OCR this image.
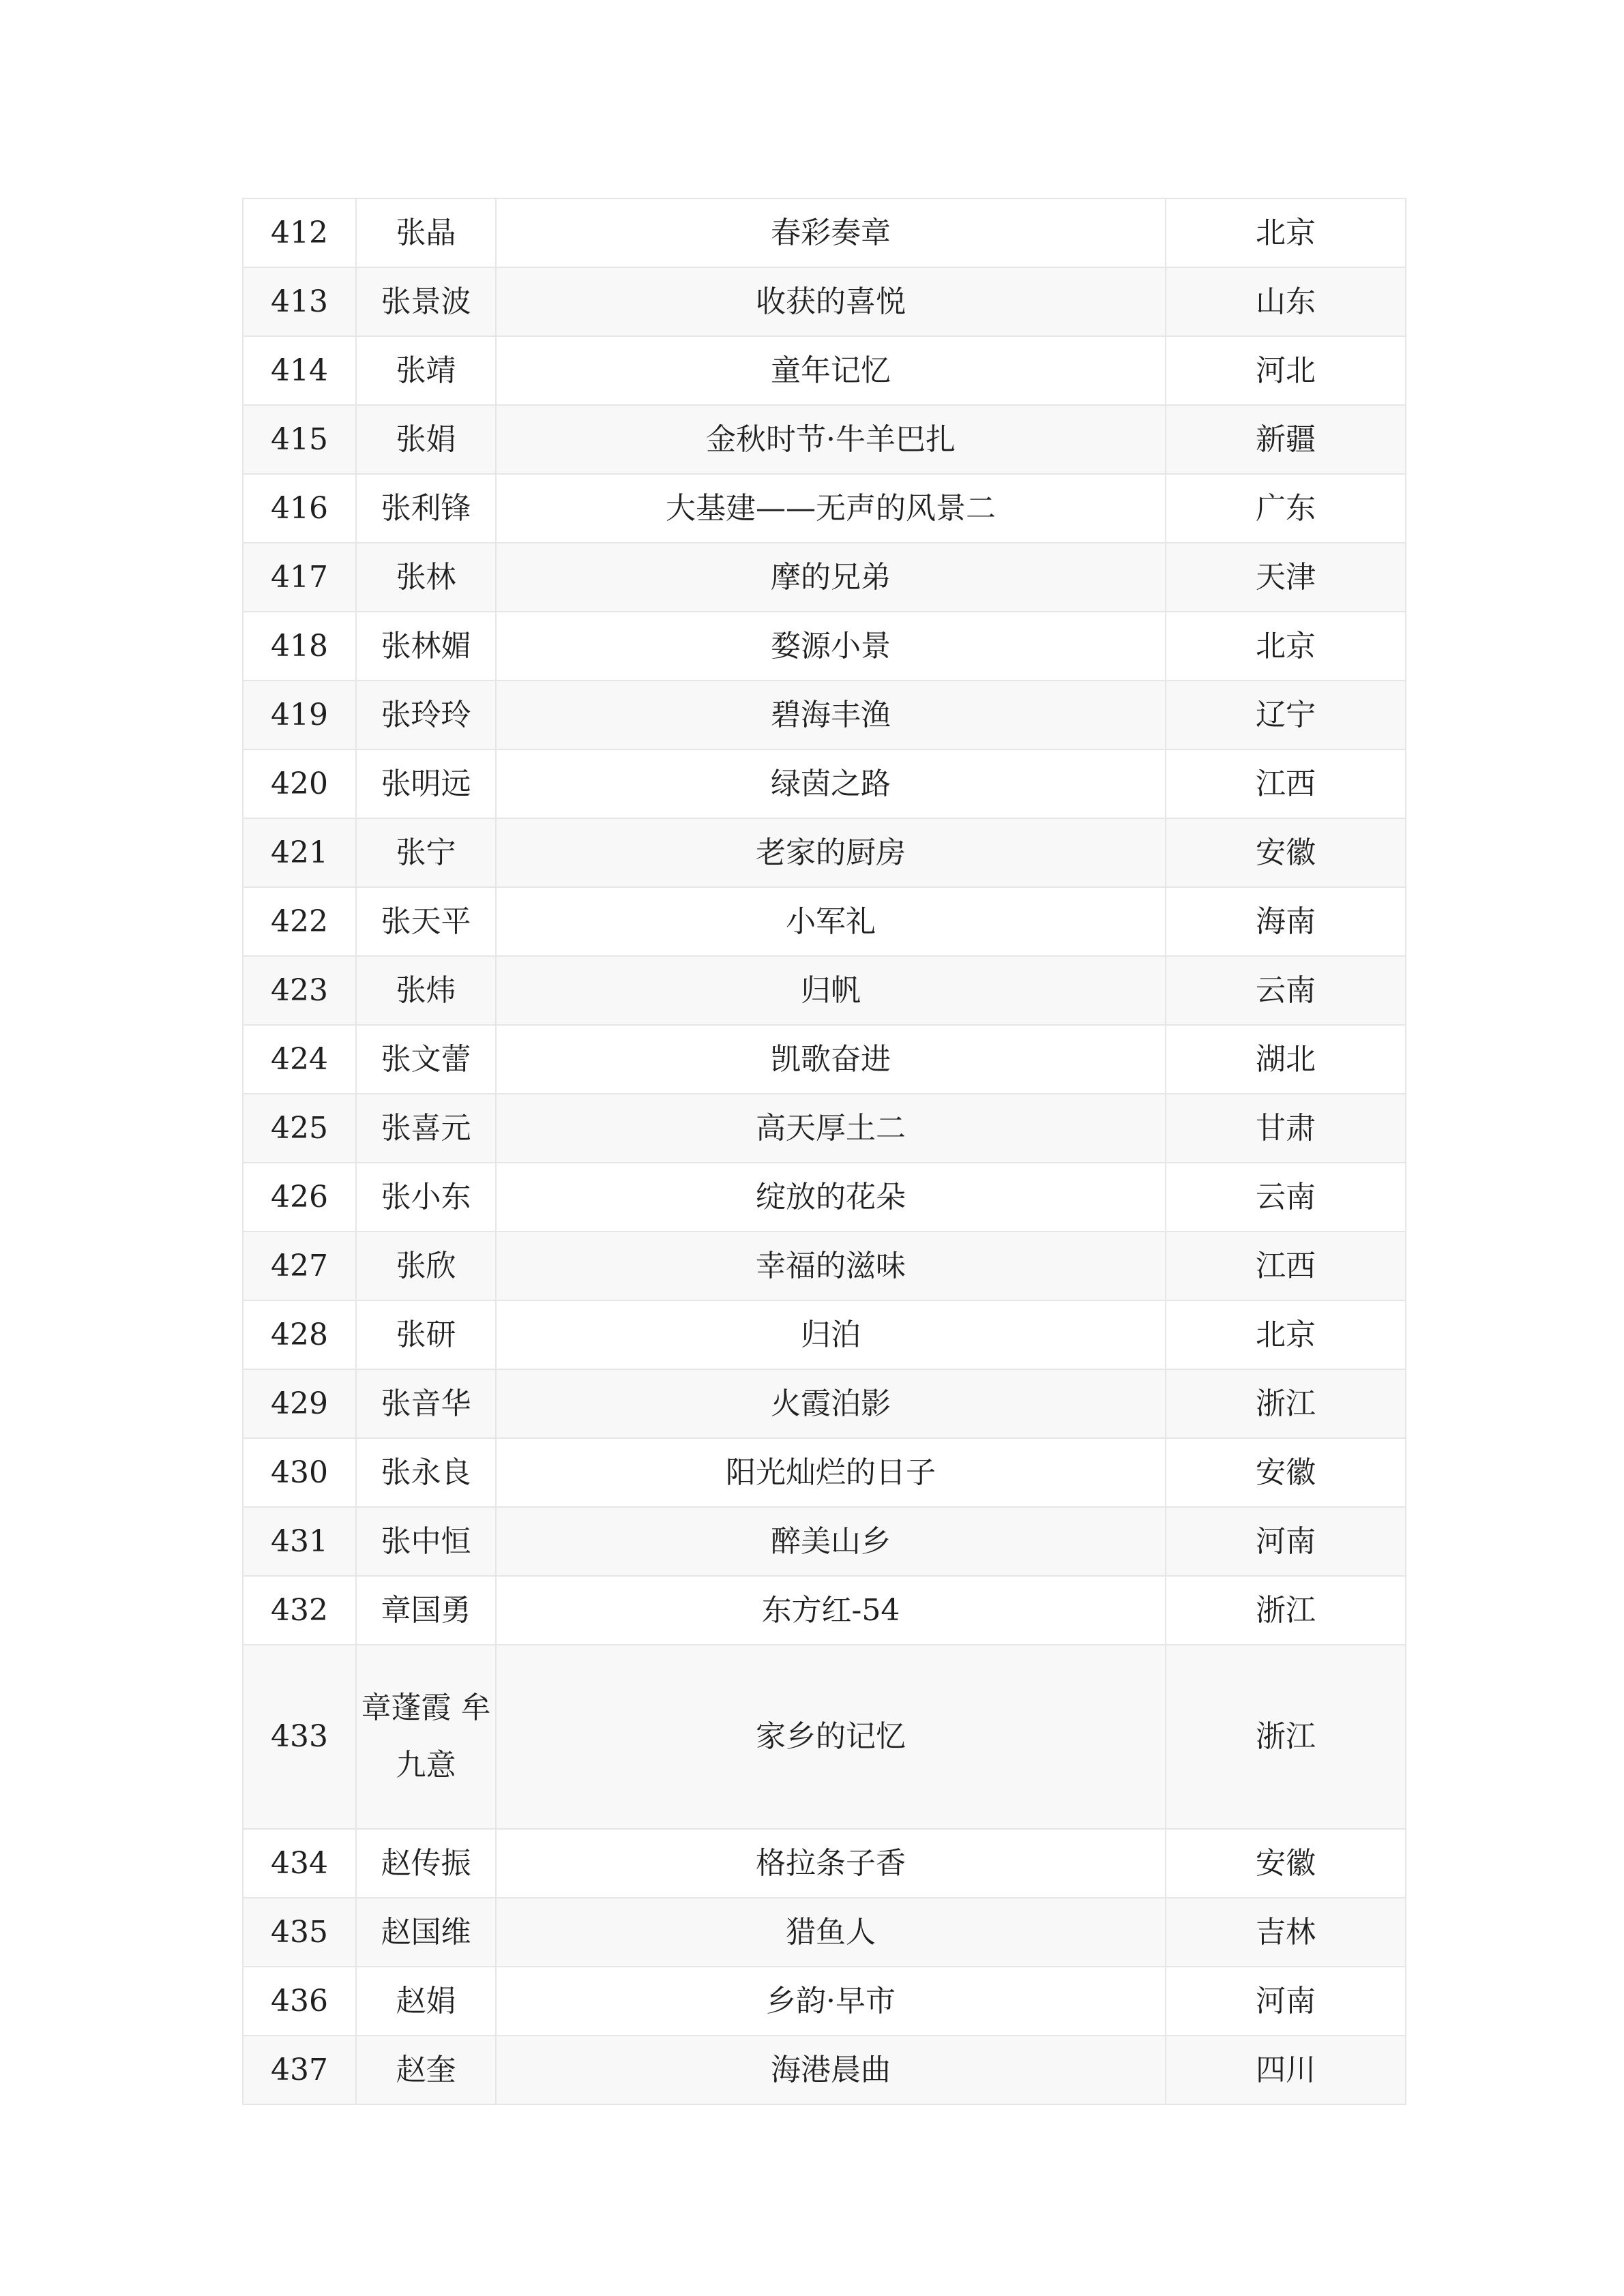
412	张晶	春彩奏章	北京
413	张景波	收获的喜悦	山东
414	张靖	童年记忆	河北
415	张娟	金秋时节·牛羊巴扎	新疆
416	张利锋	大基建——无声的风景二	广东
417	张林	摩的兄弟	天津
418	张林媚	婺源小景	北京
419	张玲玲	碧海丰渔	辽宁
420	张明远	绿茵之路	江西
421	张宁	老家的厨房	安徽
422	张天平	小军礼	海南
423	张炜	归帆	云南
424	张文蕾	凯歌奋进	湖北
425	张喜元	高天厚土二	甘肃
426	张小东	绽放的花朵	云南
427	张欣	幸福的滋味	江西
428	张研	归泊	北京
429	张音华	火霞泊影	浙江
430	张永良	阳光灿烂的日子	安徽
431	张中恒	醉美山乡	河南
432	章国勇	东方红-54	浙江
433	章蓬霞 牟九意	家乡的记忆	浙江
434	赵传振	格拉条子香	安徽
435	赵国维	猎鱼人	吉林
436	赵娟	乡韵·早市	河南
437	赵奎	海港晨曲	四川
